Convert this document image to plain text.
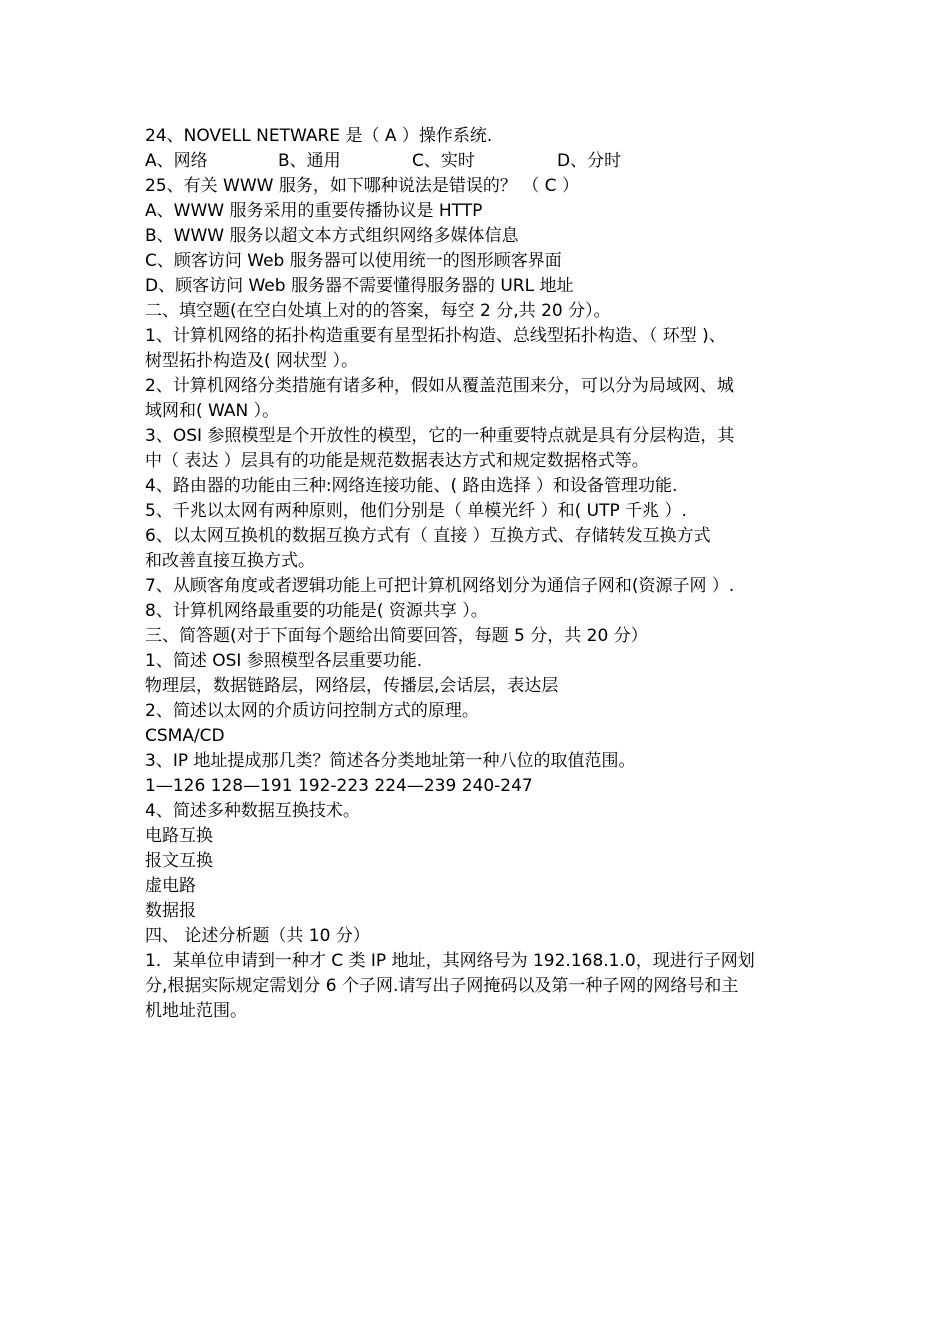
24、NOVELL NETWARE 是（ A ）操作系统.
A、网络	B、通用	C、实时	D、分时
25、有关 WWW 服务，如下哪种说法是错误的？ （ C ）
A、WWW 服务采用的重要传播协议是 HTTP
B、WWW 服务以超文本方式组织网络多媒体信息
C、顾客访问 Web 服务器可以使用统一的图形顾客界面
D、顾客访问 Web 服务器不需要懂得服务器的 URL 地址
二、填空题(在空白处填上对的的答案，每空 2 分,共 20 分）。
1、计算机网络的拓扑构造重要有星型拓扑构造、总线型拓扑构造、（ 环型 )、
树型拓扑构造及( 网状型 ）。
2、计算机网络分类措施有诸多种，假如从覆盖范围来分，可以分为局域网、城
域网和( WAN ）。
3、OSI 参照模型是个开放性的模型，它的一种重要特点就是具有分层构造，其
中（ 表达 ）层具有的功能是规范数据表达方式和规定数据格式等。
4、路由器的功能由三种:网络连接功能、( 路由选择 ）和设备管理功能.
5、千兆以太网有两种原则，他们分别是（ 单模光纤 ）和( UTP 千兆 ）.
6、以太网互换机的数据互换方式有（ 直接 ）互换方式、存储转发互换方式
和改善直接互换方式。
7、从顾客角度或者逻辑功能上可把计算机网络划分为通信子网和(资源子网 ）.
8、计算机网络最重要的功能是( 资源共享 ）。
三、简答题(对于下面每个题给出简要回答，每题 5 分，共 20 分）
1、简述 OSI 参照模型各层重要功能.
物理层，数据链路层，网络层，传播层,会话层，表达层
2、简述以太网的介质访问控制方式的原理。
CSMA/CD
3、IP 地址提成那几类？简述各分类地址第一种八位的取值范围。
1—126 128—191 192-223 224—239 240-247
4、简述多种数据互换技术。
电路互换
报文互换
虚电路
数据报
四、 论述分析题（共 10 分）
1．某单位申请到一种才 C 类 IP 地址，其网络号为 192.168.1.0，现进行子网划
分,根据实际规定需划分 6 个子网.请写出子网掩码以及第一种子网的网络号和主
机地址范围。
